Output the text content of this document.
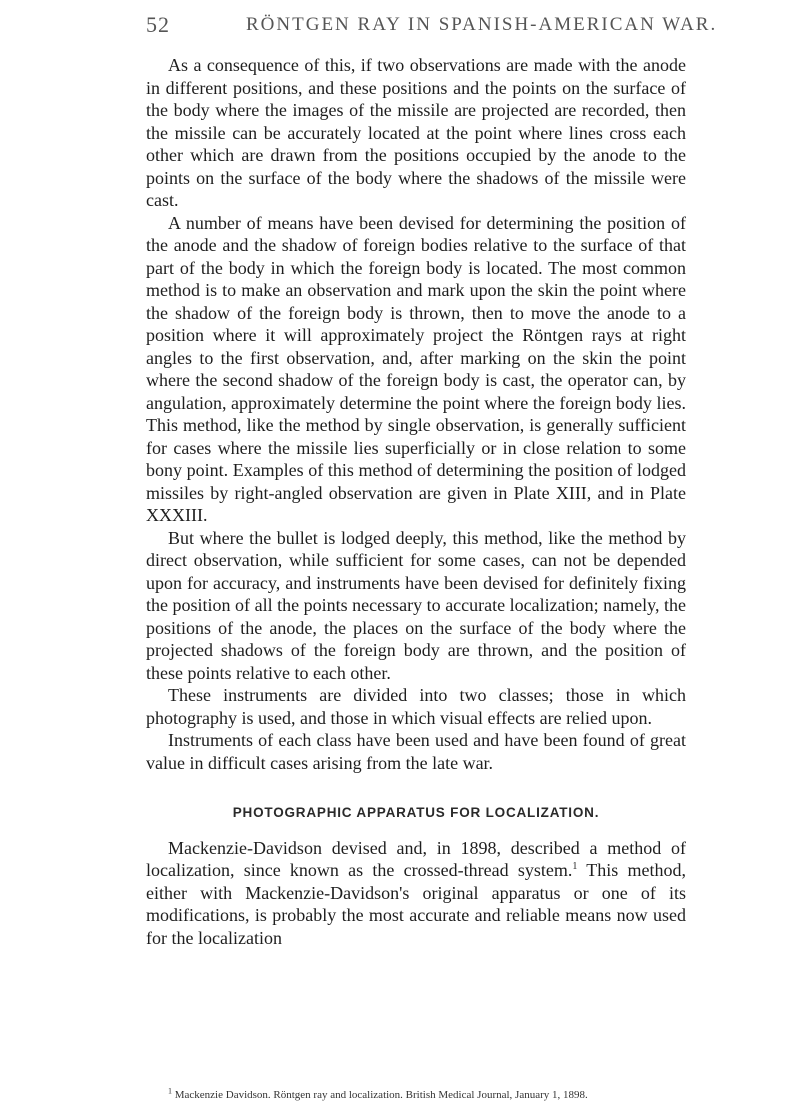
52	RÖNTGEN RAY IN SPANISH-AMERICAN WAR.

As a consequence of this, if two observations are made with the anode in different positions, and these positions and the points on the surface of the body where the images of the missile are projected are recorded, then the missile can be accurately located at the point where lines cross each other which are drawn from the positions occupied by the anode to the points on the surface of the body where the shadows of the missile were cast.

A number of means have been devised for determining the position of the anode and the shadow of foreign bodies relative to the surface of that part of the body in which the foreign body is located. The most common method is to make an observation and mark upon the skin the point where the shadow of the foreign body is thrown, then to move the anode to a position where it will approximately project the Röntgen rays at right angles to the first observation, and, after marking on the skin the point where the second shadow of the foreign body is cast, the operator can, by angulation, approximately determine the point where the foreign body lies. This method, like the method by single observation, is generally sufficient for cases where the missile lies superficially or in close relation to some bony point. Examples of this method of determining the position of lodged missiles by right-angled observation are given in Plate XIII, and in Plate XXXIII.

But where the bullet is lodged deeply, this method, like the method by direct observation, while sufficient for some cases, can not be depended upon for accuracy, and instruments have been devised for definitely fixing the position of all the points necessary to accurate localization; namely, the positions of the anode, the places on the surface of the body where the projected shadows of the foreign body are thrown, and the position of these points relative to each other.

These instruments are divided into two classes; those in which photography is used, and those in which visual effects are relied upon.

Instruments of each class have been used and have been found of great value in difficult cases arising from the late war.

PHOTOGRAPHIC APPARATUS FOR LOCALIZATION.

Mackenzie-Davidson devised and, in 1898, described a method of localization, since known as the crossed-thread system.$^1$ This method, either with Mackenzie-Davidson's original apparatus or one of its modifications, is probably the most accurate and reliable means now used for the localization

$^1$ Mackenzie Davidson. Röntgen ray and localization. British Medical Journal, January 1, 1898.
